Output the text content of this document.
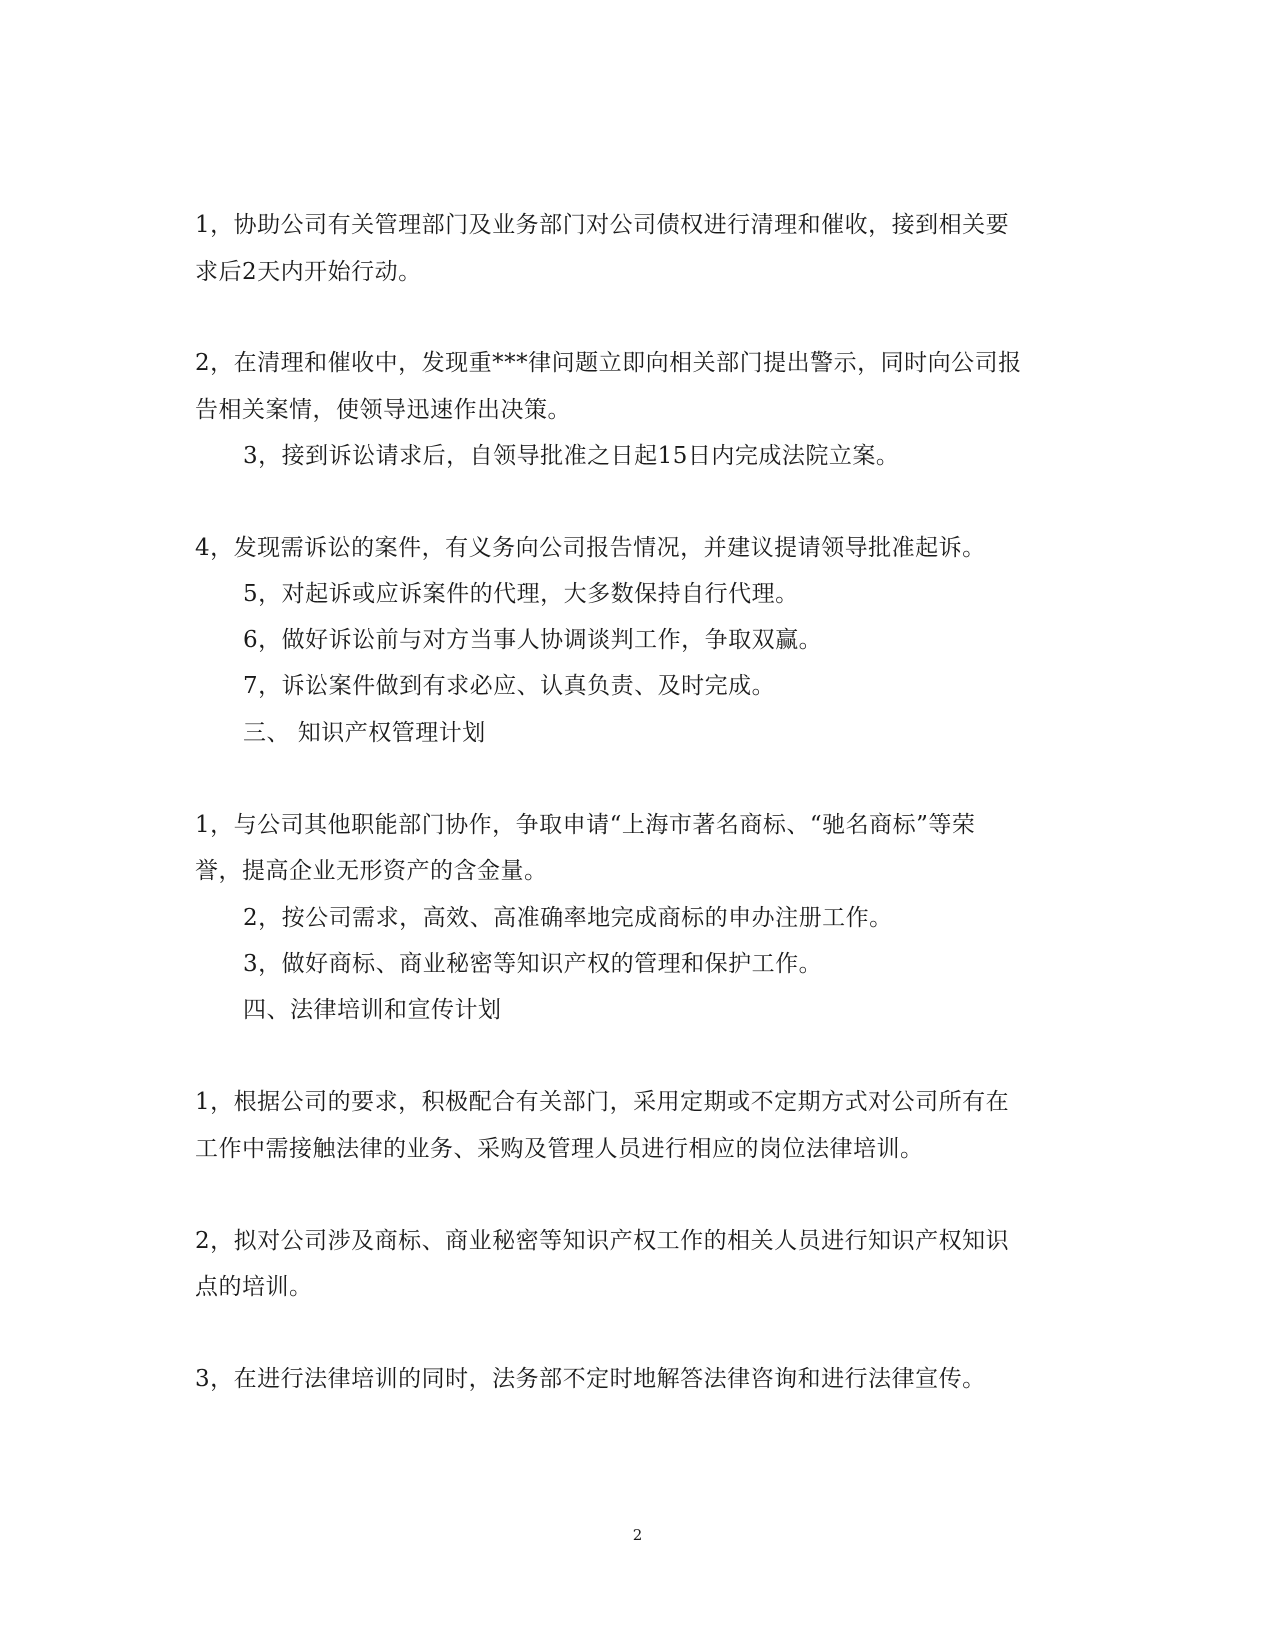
1，协助公司有关管理部门及业务部门对公司债权进行清理和催收，接到相关要
求后2天内开始行动。
2，在清理和催收中，发现重***律问题立即向相关部门提出警示，同时向公司报
告相关案情，使领导迅速作出决策。
3，接到诉讼请求后，自领导批准之日起15日内完成法院立案。
4，发现需诉讼的案件，有义务向公司报告情况，并建议提请领导批准起诉。
5，对起诉或应诉案件的代理，大多数保持自行代理。
6，做好诉讼前与对方当事人协调谈判工作，争取双赢。
7，诉讼案件做到有求必应、认真负责、及时完成。
三、 知识产权管理计划
1，与公司其他职能部门协作，争取申请“上海市著名商标、“驰名商标”等荣
誉，提高企业无形资产的含金量。
2，按公司需求，高效、高准确率地完成商标的申办注册工作。
3，做好商标、商业秘密等知识产权的管理和保护工作。
四、法律培训和宣传计划
1，根据公司的要求，积极配合有关部门，采用定期或不定期方式对公司所有在
工作中需接触法律的业务、采购及管理人员进行相应的岗位法律培训。
2，拟对公司涉及商标、商业秘密等知识产权工作的相关人员进行知识产权知识
点的培训。
3，在进行法律培训的同时，法务部不定时地解答法律咨询和进行法律宣传。
2
